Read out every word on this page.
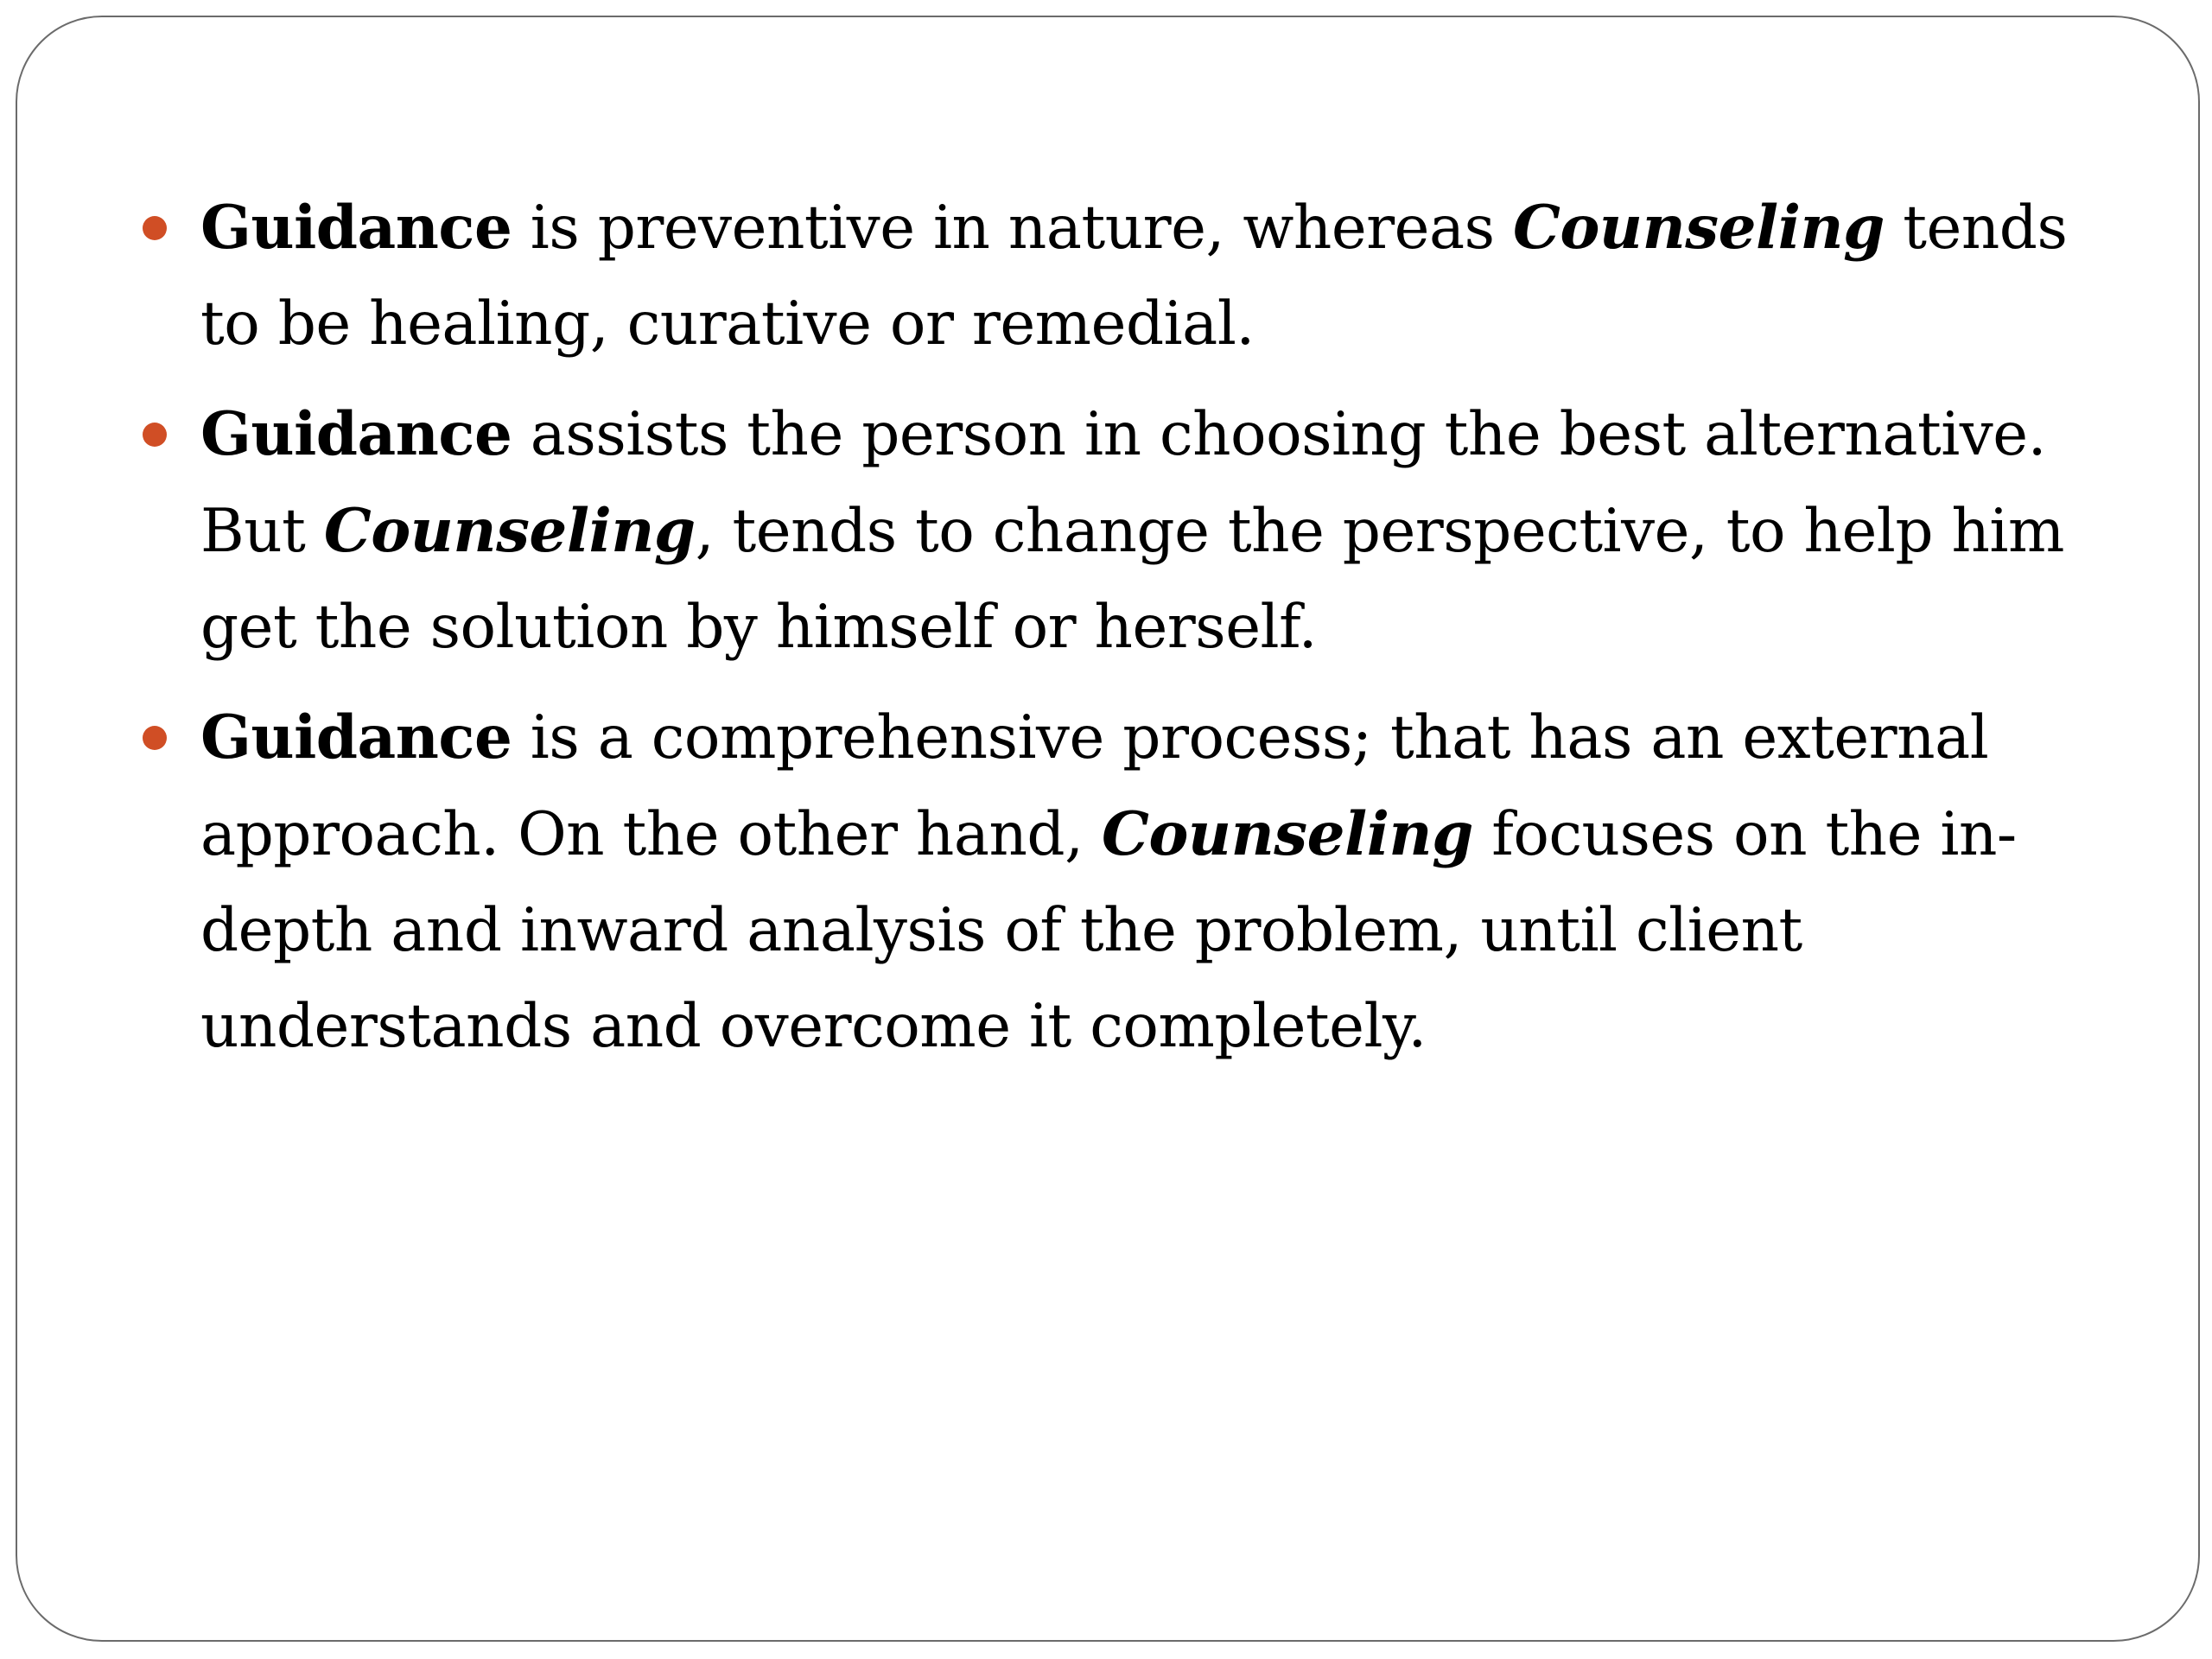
Guidance is preventive in nature, whereas Counseling tends to be healing, curative or remedial.
Guidance assists the person in choosing the best alternative. But Counseling, tends to change the perspective, to help him get the solution by himself or herself.
Guidance is a comprehensive process; that has an external approach. On the other hand, Counseling focuses on the in-depth and inward analysis of the problem, until client understands and overcome it completely.
